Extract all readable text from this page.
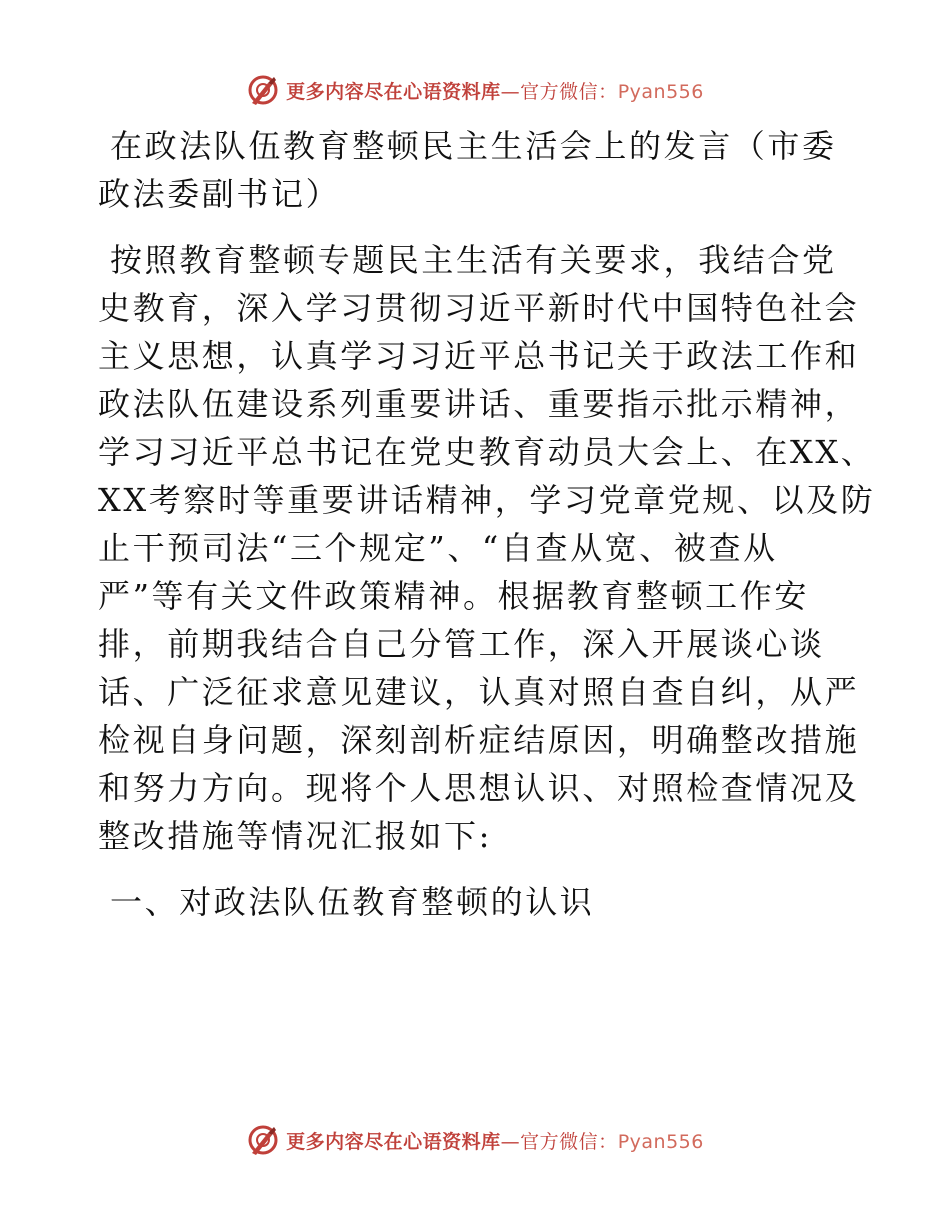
更多内容尽在心语资料库—官方微信：Pyan556
在政法队伍教育整顿民主生活会上的发言（市委
政法委副书记）
按照教育整顿专题民主生活有关要求，我结合党
史教育，深入学习贯彻习近平新时代中国特色社会
主义思想，认真学习习近平总书记关于政法工作和
政法队伍建设系列重要讲话、重要指示批示精神，
学习习近平总书记在党史教育动员大会上、在XX、
XX考察时等重要讲话精神，学习党章党规、以及防
止干预司法“三个规定”、“自查从宽、被查从
严”等有关文件政策精神。根据教育整顿工作安
排，前期我结合自己分管工作，深入开展谈心谈
话、广泛征求意见建议，认真对照自查自纠，从严
检视自身问题，深刻剖析症结原因，明确整改措施
和努力方向。现将个人思想认识、对照检查情况及
整改措施等情况汇报如下:
一、对政法队伍教育整顿的认识
更多内容尽在心语资料库—官方微信：Pyan556
